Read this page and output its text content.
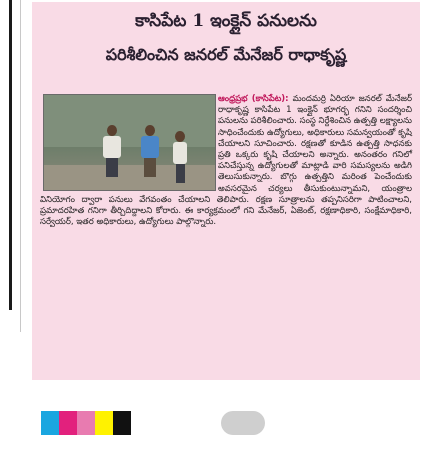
కాసిపేట 1 ఇంక్లైన్ పనులను
పరిశీలించిన జనరల్ మేనేజర్ రాధాకృష్ణ
ఆంధ్రప్రభ (కాసిపేట): మందమర్రి ఏరియా జనరల్ మేనేజర్ రాధాకృష్ణ కాసిపేట 1 ఇంక్లైన్ భూగర్భ గనిని సందర్శించి పనులను పరిశీలించారు. సంస్థ నిర్దేశించిన ఉత్పత్తి లక్ష్యాలను సాధించేందుకు ఉద్యోగులు, అధికారులు సమన్వయంతో కృషి చేయాలని సూచించారు. రక్షణతో కూడిన ఉత్పత్తి సాధనకు ప్రతి ఒక్కరు కృషి చేయాలని అన్నారు. అనంతరం గనిలో పనిచేస్తున్న ఉద్యోగులతో మాట్లాడి వారి సమస్యలను అడిగి తెలుసుకున్నారు. బొగ్గు ఉత్పత్తిని మరింత పెంచేందుకు అవసరమైన చర్యలు తీసుకుంటున్నామని, యంత్రాల వినియోగం ద్వారా పనులు వేగవంతం చేయాలని తెలిపారు. రక్షణ సూత్రాలను తప్పనిసరిగా పాటించాలని, ప్రమాదరహిత గనిగా తీర్చిదిద్దాలని కోరారు. ఈ కార్యక్రమంలో గని మేనేజర్, ఏజెంట్, రక్షణాధికారి, సంక్షేమాధికారి, సర్వేయర్, ఇతర అధికారులు, ఉద్యోగులు పాల్గొన్నారు.
